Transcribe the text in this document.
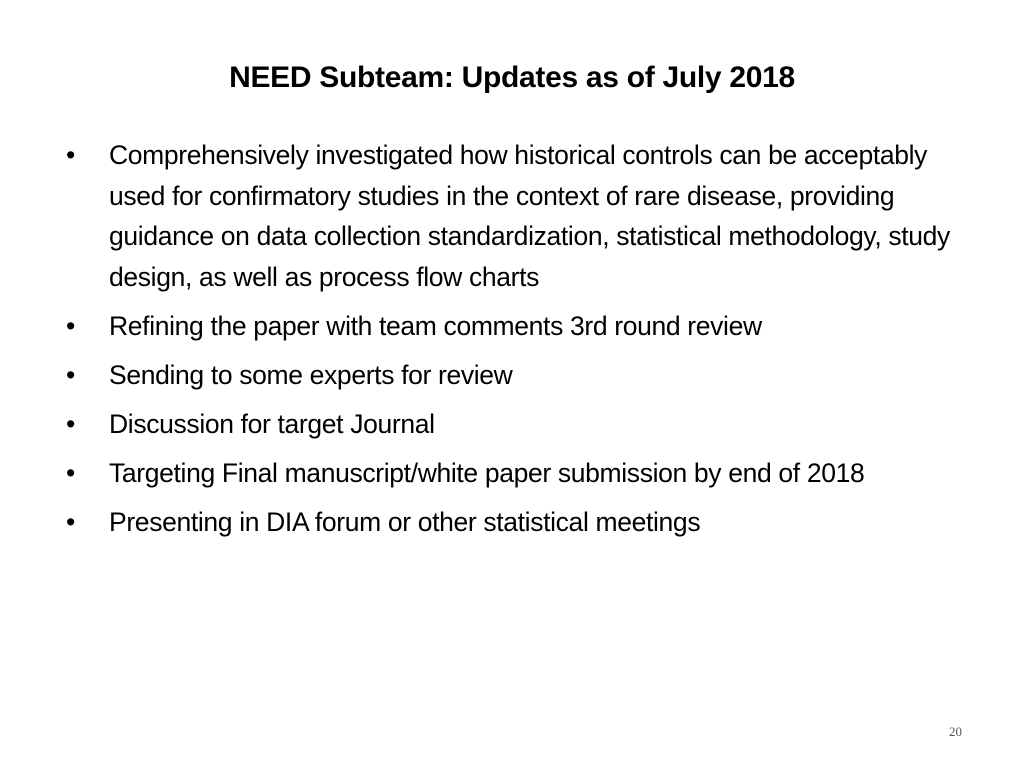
NEED Subteam: Updates as of July 2018
•	Comprehensively investigated how historical controls can be acceptably used for confirmatory studies in the context of rare disease, providing guidance on data collection standardization, statistical methodology, study design, as well as process flow charts
•	Refining the paper with team comments 3rd round review
•	Sending to some experts for review
•	Discussion for target Journal
•	Targeting Final manuscript/white paper submission by end of 2018
•	Presenting in DIA forum or other statistical meetings
20
